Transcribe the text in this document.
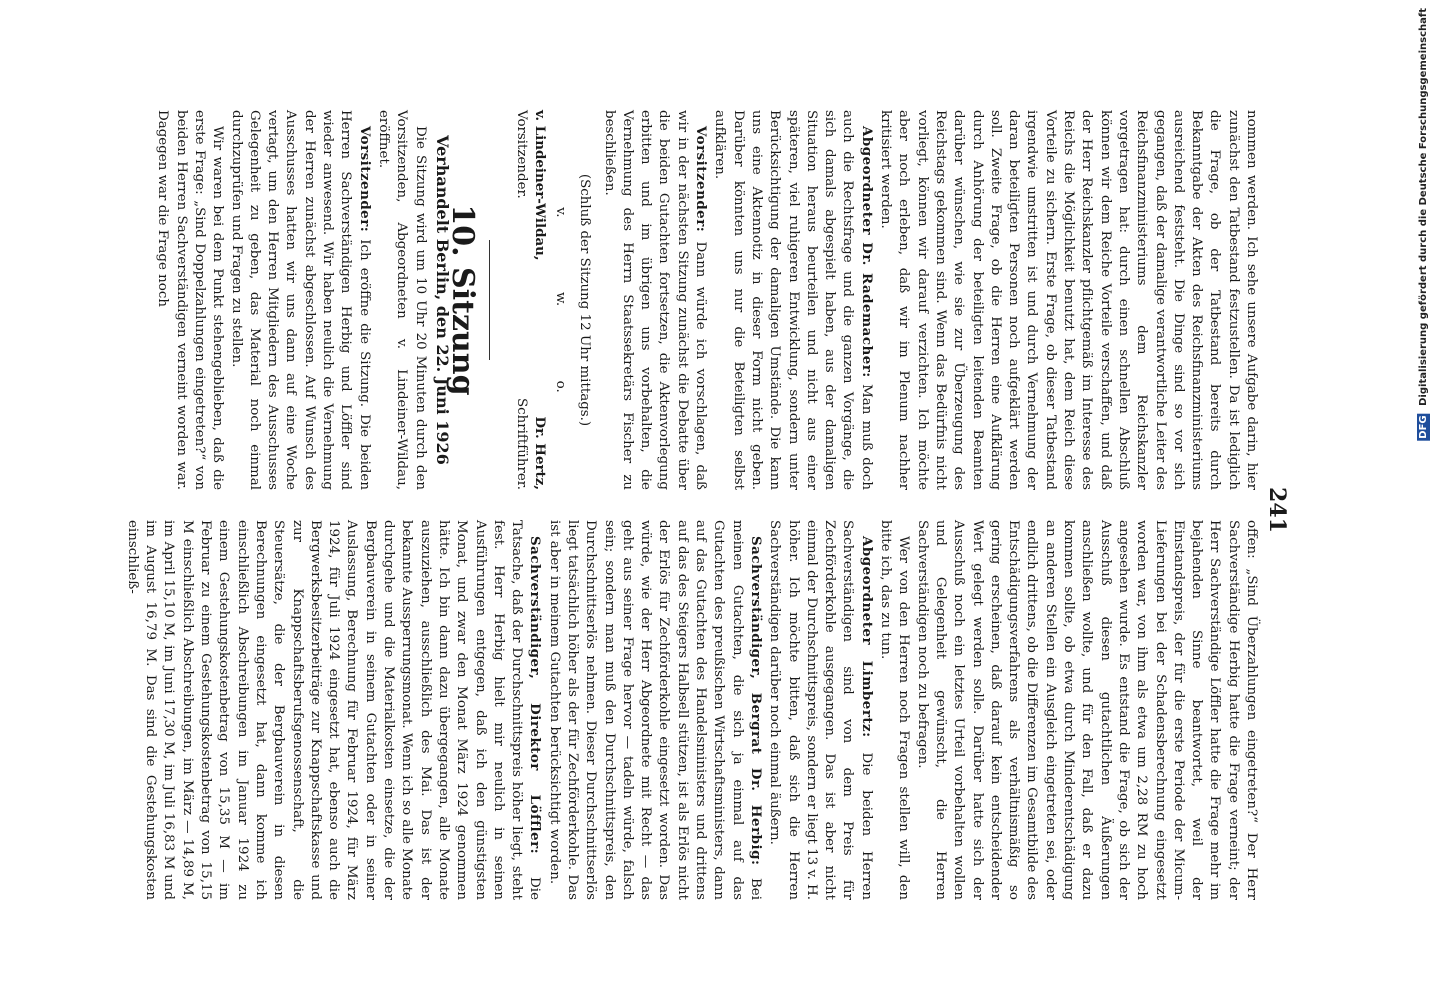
241

nommen werden. Ich sehe unsere Aufgabe darin, hier zunächst den Tatbestand festzustellen. Da ist lediglich die Frage, ob der Tatbestand bereits durch Bekanntgabe der Akten des Reichsfinanzministeriums ausreichend feststeht. Die Dinge sind so vor sich gegangen, daß der damalige verantwortliche Leiter des Reichsfinanzministeriums dem Reichskanzler vorgetragen hat: durch einen schnellen Abschluß können wir dem Reiche Vorteile verschaffen, und daß der Herr Reichskanzler pflichtgemäß im Interesse des Reichs die Möglichkeit benutzt hat, dem Reich diese Vorteile zu sichern. Erste Frage, ob dieser Tatbestand irgendwie umstritten ist und durch Vernehmung der daran beteiligten Personen noch aufgeklärt werden soll. Zweite Frage, ob die Herren eine Aufklärung durch Anhörung der beteiligten leitenden Beamten darüber wünschen, wie sie zur Überzeugung des Reichstags gekommen sind. Wenn das Bedürfnis nicht vorliegt, können wir darauf verzichten. Ich möchte aber noch erleben, daß wir im Plenum nachher kritisiert werden.

Abgeordneter Dr. Rademacher: Man muß doch auch die Rechtsfrage und die ganzen Vorgänge, die sich damals abgespielt haben, aus der damaligen Situation heraus beurteilen und nicht aus einer späteren, viel ruhigeren Entwicklung, sondern unter Berücksichtigung der damaligen Umstände. Die kann uns eine Aktennotiz in dieser Form nicht geben. Darüber könnten uns nur die Beteiligten selbst aufklären.

Vorsitzender: Dann würde ich vorschlagen, daß wir in der nächsten Sitzung zunächst die Debatte über die beiden Gutachten fortsetzen, die Aktenvorlegung erbitten und im übrigen uns vorbehalten, die Vernehmung des Herrn Staatssekretärs Fischer zu beschließen.

(Schluß der Sitzung 12 Uhr mittags.)
v.
w.
o.
v. Lindeiner-Wildau,
Dr. Hertz,
Vorsitzender.
Schriftführer.
10. Sitzung
Verhandelt Berlin, den 22. Juni 1926

Die Sitzung wird um 10 Uhr 20 Minuten durch den Vorsitzenden, Abgeordneten v. Lindeiner-Wildau, eröffnet.

Vorsitzender: Ich eröffne die Sitzung. Die beiden Herren Sachverständigen Herbig und Löffler sind wieder anwesend. Wir haben neulich die Vernehmung der Herren zunächst abgeschlossen. Auf Wunsch des Ausschusses hatten wir uns dann auf eine Woche vertagt, um den Herren Mitgliedern des Ausschusses Gelegenheit zu geben, das Material noch einmal durchzuprüfen und Fragen zu stellen.

Wir waren bei dem Punkt stehengeblieben, daß die erste Frage: „Sind Doppelzahlungen eingetreten?“ von beiden Herren Sachverständigen verneint worden war. Dagegen war die Frage noch

offen: „Sind Überzahlungen eingetreten?“ Der Herr Sachverständige Herbig hatte die Frage verneint; der Herr Sachverständige Löffler hatte die Frage mehr im bejahenden Sinne beantwortet, weil der Einstandspreis, der für die erste Periode der Micum-Lieferungen bei der Schadensberechnung eingesetzt worden war, von ihm als etwa um 2,28 RM zu hoch angesehen wurde. Es entstand die Frage, ob sich der Ausschuß diesen gutachtlichen Äußerungen anschließen wollte, und für den Fall, daß er dazu kommen sollte, ob etwa durch Minderentschädigung an anderen Stellen ein Ausgleich eingetreten sei, oder endlich drittens, ob die Differenzen im Gesamtbilde des Entschädigungsverfahrens als verhältnismäßig so gering erscheinen, daß darauf kein entscheidender Wert gelegt werden solle. Darüber hatte sich der Ausschuß noch ein letztes Urteil vorbehalten wollen und Gelegenheit gewünscht, die Herren Sachverständigen noch zu befragen.

Wer von den Herren noch Fragen stellen will, den bitte ich, das zu tun.

Abgeordneter Limbertz: Die beiden Herren Sachverständigen sind von dem Preis für Zechförderkohle ausgegangen. Das ist aber nicht einmal der Durchschnittspreis, sondern er liegt 13 v. H. höher. Ich möchte bitten, daß sich die Herren Sachverständigen darüber noch einmal äußern.

Sachverständiger, Bergrat Dr. Herbig: Bei meinen Gutachten, die sich ja einmal auf das Gutachten des preußischen Wirtschaftsministers, dann auf das Gutachten des Handelsministers und drittens auf das des Steigers Halbsell stützen, ist als Erlös nicht der Erlös für Zechförderkohle eingesetzt worden. Das würde, wie der Herr Abgeordnete mit Recht — das geht aus seiner Frage hervor — tadeln würde, falsch sein; sondern man muß den Durchschnittspreis, den Durchschnittserlös nehmen. Dieser Durchschnittserlös liegt tatsächlich höher als der für Zechförderkohle. Das ist aber in meinem Gutachten berücksichtigt worden.

Sachverständiger, Direktor Löffler: Die Tatsache, daß der Durchschnittspreis höher liegt, steht fest. Herr Herbig hielt mir neulich in seinen Ausführungen entgegen, daß ich den günstigsten Monat, und zwar den Monat März 1924 genommen hätte. Ich bin dann dazu übergegangen, alle Monate auszuziehen, ausschließlich des Mai. Das ist der bekannte Aussperrungsmonat. Wenn ich so alle Monate durchgehe und die Materialkosten einsetze, die der Bergbauverein in seinem Gutachten oder in seiner Auslassung, Berechnung für Februar 1924, für März 1924, für Juli 1924 eingesetzt hat, ebenso auch die Bergwerksbesitzerbeiträge zur Knappschaftskasse und zur Knappschaftsberufsgenossenschaft, die Steuersätze, die der Bergbauverein in diesen Berechnungen eingesetzt hat, dann komme ich einschließlich Abschreibungen im Januar 1924 zu einem Gestehungskostenbetrag von 15,35 M — im Februar zu einem Gestehungskostenbetrag von 15,15 M einschließlich Abschreibungen, im März — 14,89 M, im April 15,10 M, im Juni 17,30 M, im Juli 16,83 M und im August 16,79 M. Das sind die Gestehungskosten einschließ-

DFG Digitalisierung gefördert durch die Deutsche Forschungsgemeinschaft
